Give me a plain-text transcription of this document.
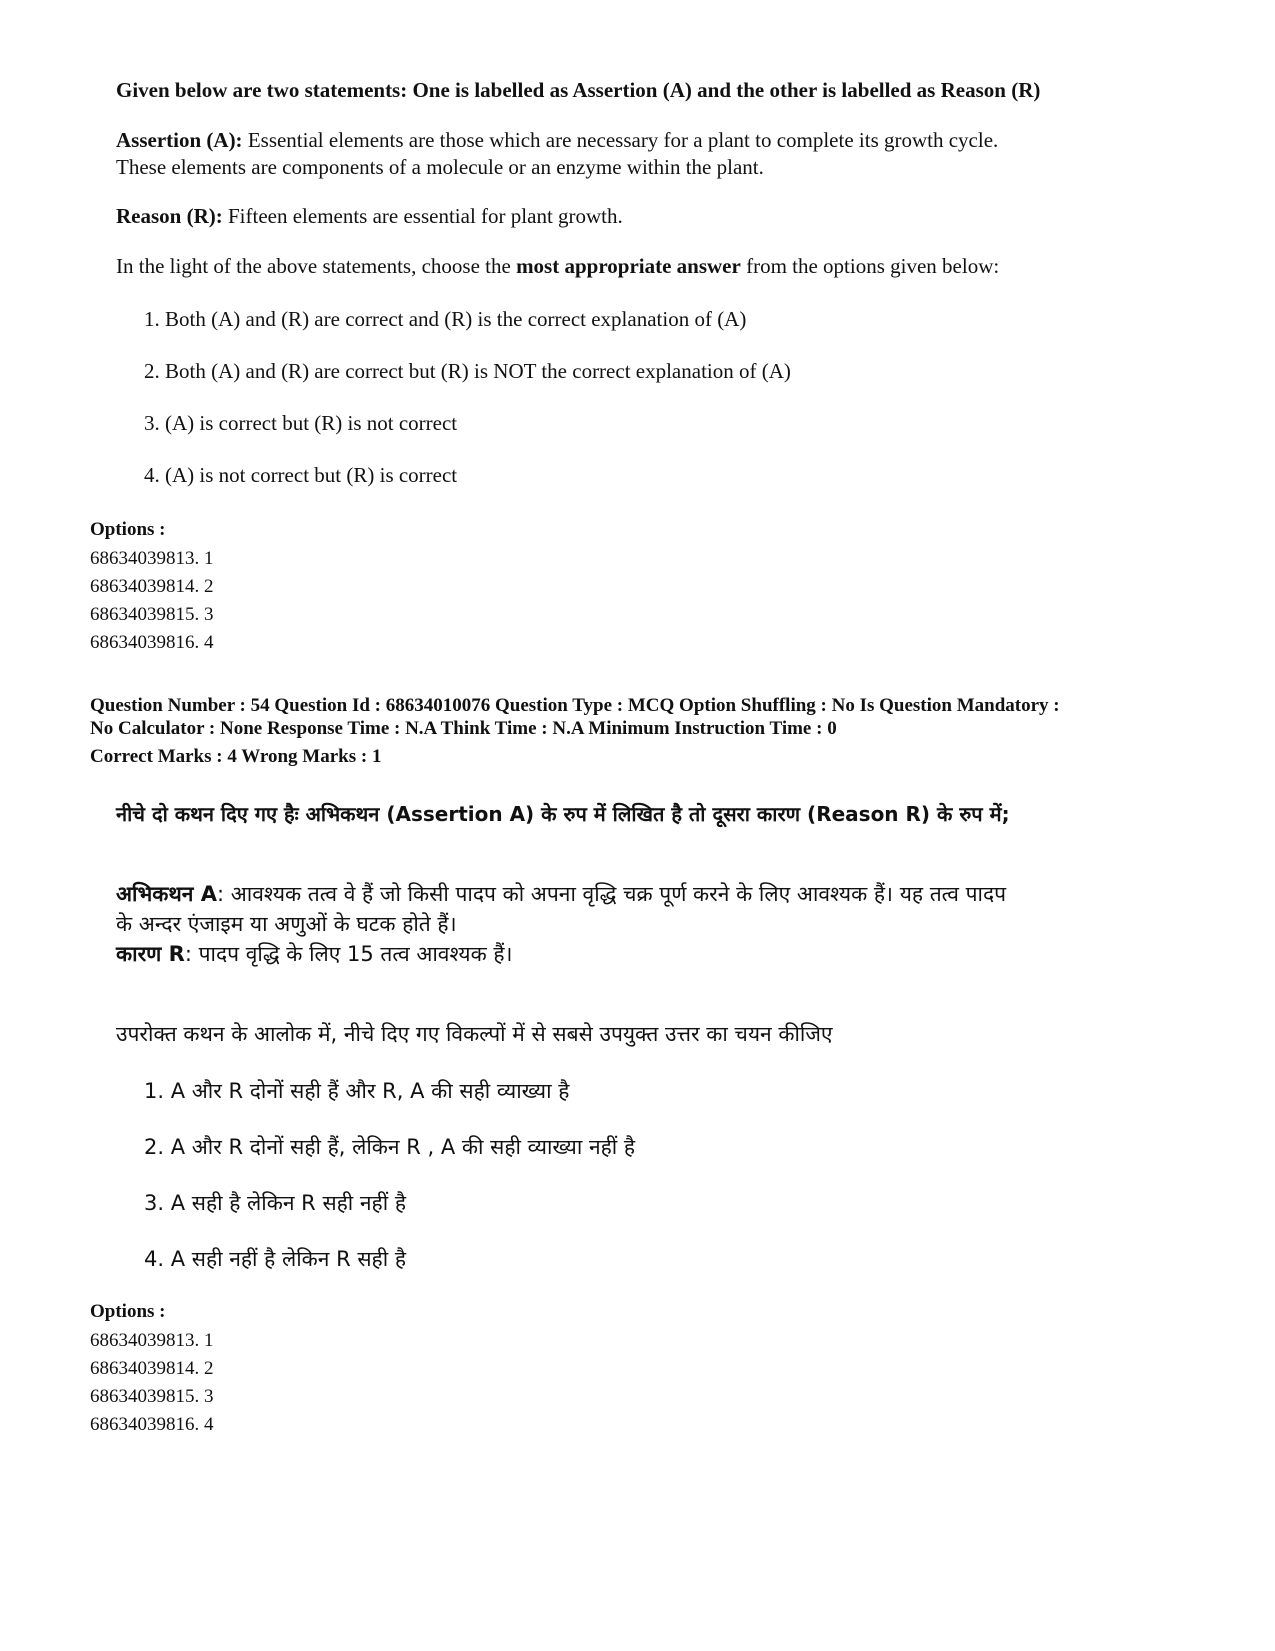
Given below are two statements: One is labelled as Assertion (A) and the other is labelled as Reason (R)
Assertion (A): Essential elements are those which are necessary for a plant to complete its growth cycle.
These elements are components of a molecule or an enzyme within the plant.
Reason (R): Fifteen elements are essential for plant growth.
In the light of the above statements, choose the most appropriate answer from the options given below:
1. Both (A) and (R) are correct and (R) is the correct explanation of (A)
2. Both (A) and (R) are correct but (R) is NOT the correct explanation of (A)
3. (A) is correct but (R) is not correct
4. (A) is not correct but (R) is correct
Options :
68634039813. 1
68634039814. 2
68634039815. 3
68634039816. 4
Question Number : 54 Question Id : 68634010076 Question Type : MCQ Option Shuffling : No Is Question Mandatory :
No Calculator : None Response Time : N.A Think Time : N.A Minimum Instruction Time : 0
Correct Marks : 4 Wrong Marks : 1
नीचे दो कथन दिए गए हैः अभिकथन (Assertion A) के रुप में लिखित है तो दूसरा कारण (Reason R) के रुप में;
अभिकथन A: आवश्यक तत्व वे हैं जो किसी पादप को अपना वृद्धि चक्र पूर्ण करने के लिए आवश्यक हैं। यह तत्व पादप
के अन्दर एंजाइम या अणुओं के घटक होते हैं।
कारण R: पादप वृद्धि के लिए 15 तत्व आवश्यक हैं।
उपरोक्त कथन के आलोक में, नीचे दिए गए विकल्पों में से सबसे उपयुक्त उत्तर का चयन कीजिए
1. A और R दोनों सही हैं और R, A की सही व्याख्या है
2. A और R दोनों सही हैं, लेकिन R , A की सही व्याख्या नहीं है
3. A सही है लेकिन R सही नहीं है
4. A सही नहीं है लेकिन R सही है
Options :
68634039813. 1
68634039814. 2
68634039815. 3
68634039816. 4
